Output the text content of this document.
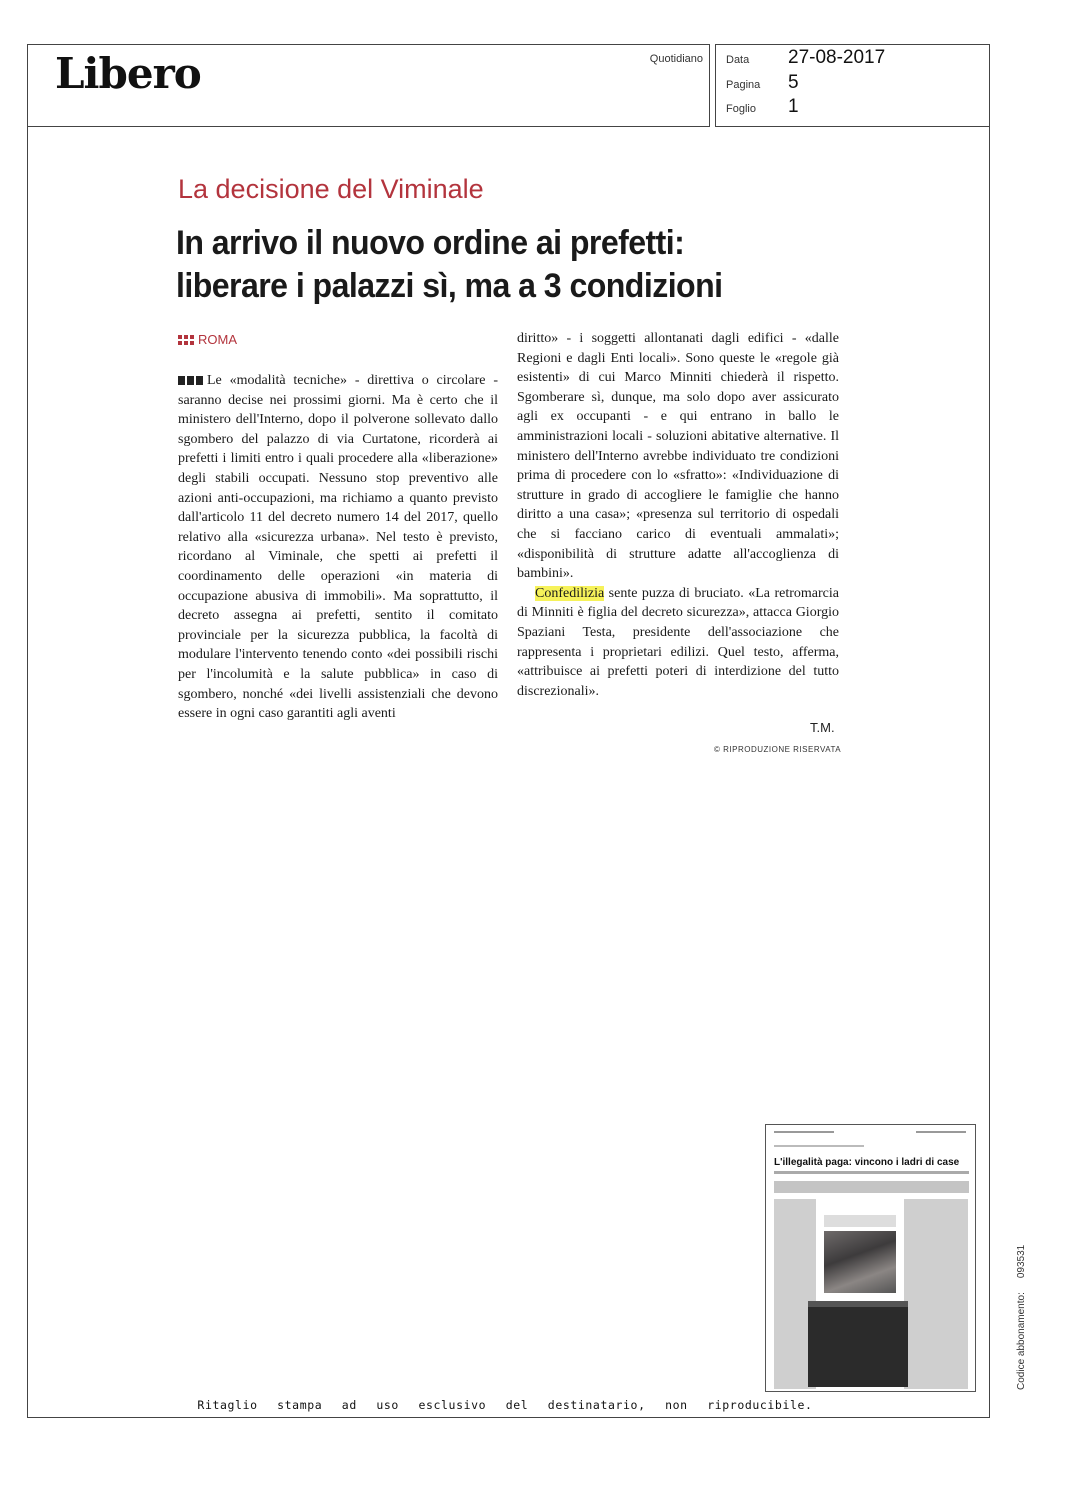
Libero	Quotidiano Data 27-08-2017
Pagina 5
Foglio 1
La decisione del Viminale
In arrivo il nuovo ordine ai prefetti:
liberare i palazzi sì, ma a 3 condizioni
ROMA

Le «modalità tecniche» - direttiva o circolare - saranno decise nei prossimi giorni. Ma è certo che il ministero dell'Interno, dopo il polverone sollevato dallo sgombero del palazzo di via Curtatone, ricorderà ai prefetti i limiti entro i quali procedere alla «liberazione» degli stabili occupati. Nessuno stop preventivo alle azioni anti-occupazioni, ma richiamo a quanto previsto dall'articolo 11 del decreto numero 14 del 2017, quello relativo alla «sicurezza urbana». Nel testo è previsto, ricordano al Viminale, che spetti ai prefetti il coordinamento delle operazioni «in materia di occupazione abusiva di immobili». Ma soprattutto, il decreto assegna ai prefetti, sentito il comitato provinciale per la sicurezza pubblica, la facoltà di modulare l'intervento tenendo conto «dei possibili rischi per l'incolumità e la salute pubblica» in caso di sgombero, nonché «dei livelli assistenziali che devono essere in ogni caso garantiti agli aventi

diritto» - i soggetti allontanati dagli edifici - «dalle Regioni e dagli Enti locali». Sono queste le «regole già esistenti» di cui Marco Minniti chiederà il rispetto. Sgomberare sì, dunque, ma solo dopo aver assicurato agli ex occupanti - e qui entrano in ballo le amministrazioni locali - soluzioni abitative alternative. Il ministero dell'Interno avrebbe individuato tre condizioni prima di procedere con lo «sfratto»: «Individuazione di strutture in grado di accogliere le famiglie che hanno diritto a una casa»; «presenza sul territorio di ospedali che si facciano carico di eventuali ammalati»; «disponibilità di strutture adatte all'accoglienza di bambini».

Confedilizia sente puzza di bruciato. «La retromarcia di Minniti è figlia del decreto sicurezza», attacca Giorgio Spaziani Testa, presidente dell'associazione che rappresenta i proprietari edilizi. Quel testo, afferma, «attribuisce ai prefetti poteri di interdizione del tutto discrezionali».

T.M.
© RIPRODUZIONE RISERVATA
L'illegalità paga: vincono i ladri di case
Ritaglio stampa ad uso esclusivo del destinatario, non riproducibile.
Codice abbonamento:093531
